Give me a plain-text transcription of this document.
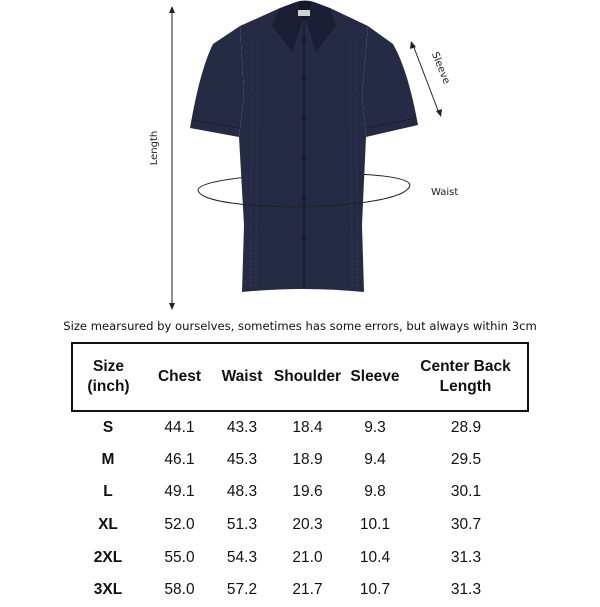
Length
Sleeve
Waist
Size mearsured by ourselves, sometimes has some errors, but always within 3cm
Size
(inch)	Chest	Waist	Shoulder	Sleeve	Center Back
Length

S	44.1	43.3	18.4	9.3	28.9
M	46.1	45.3	18.9	9.4	29.5
L	49.1	48.3	19.6	9.8	30.1
XL	52.0	51.3	20.3	10.1	30.7
2XL	55.0	54.3	21.0	10.4	31.3
3XL	58.0	57.2	21.7	10.7	31.3
